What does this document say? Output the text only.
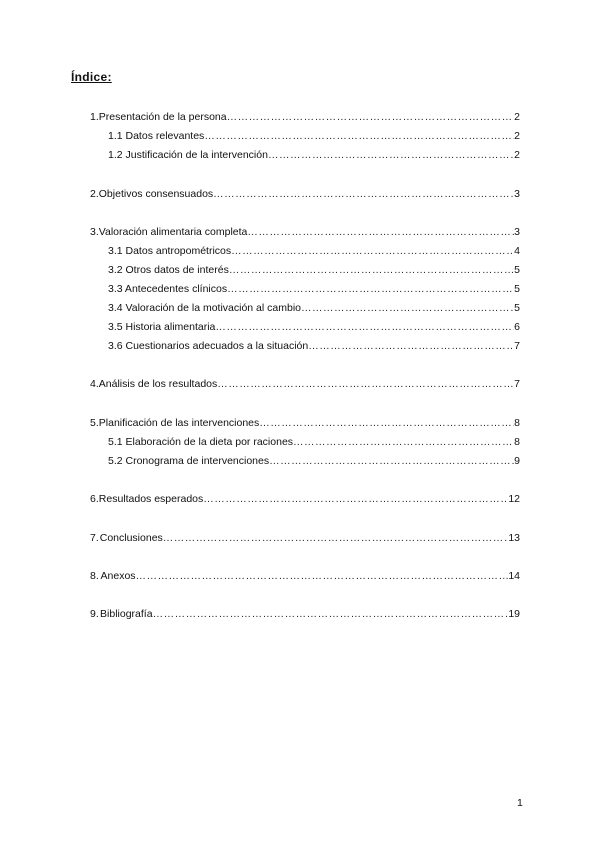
Índice:
1. Presentación de la persona …………………………………………………………………………………………………………………………………………………………	2
1.1 Datos relevantes …………………………………………………………………………………………………………………………………………………………	2
1.2 Justificación de la intervención …………………………………………………………………………………………………………………………………………………………	2
2. Objetivos consensuados …………………………………………………………………………………………………………………………………………………………	3
3. Valoración alimentaria completa …………………………………………………………………………………………………………………………………………………………	3
3.1 Datos antropométricos …………………………………………………………………………………………………………………………………………………………	4
3.2 Otros datos de interés …………………………………………………………………………………………………………………………………………………………	5
3.3 Antecedentes clínicos …………………………………………………………………………………………………………………………………………………………	5
3.4 Valoración de la motivación al cambio …………………………………………………………………………………………………………………………………………………………	5
3.5 Historia alimentaria …………………………………………………………………………………………………………………………………………………………	6
3.6 Cuestionarios adecuados a la situación …………………………………………………………………………………………………………………………………………………………	7
4. Análisis de los resultados …………………………………………………………………………………………………………………………………………………………	7
5. Planificación de las intervenciones …………………………………………………………………………………………………………………………………………………………	8
5.1 Elaboración de la dieta por raciones …………………………………………………………………………………………………………………………………………………………	8
5.2 Cronograma de intervenciones …………………………………………………………………………………………………………………………………………………………	9
6. Resultados esperados …………………………………………………………………………………………………………………………………………………………	12
7. Conclusiones …………………………………………………………………………………………………………………………………………………………	13
8. Anexos …………………………………………………………………………………………………………………………………………………………	14
9. Bibliografía …………………………………………………………………………………………………………………………………………………………	19
1
